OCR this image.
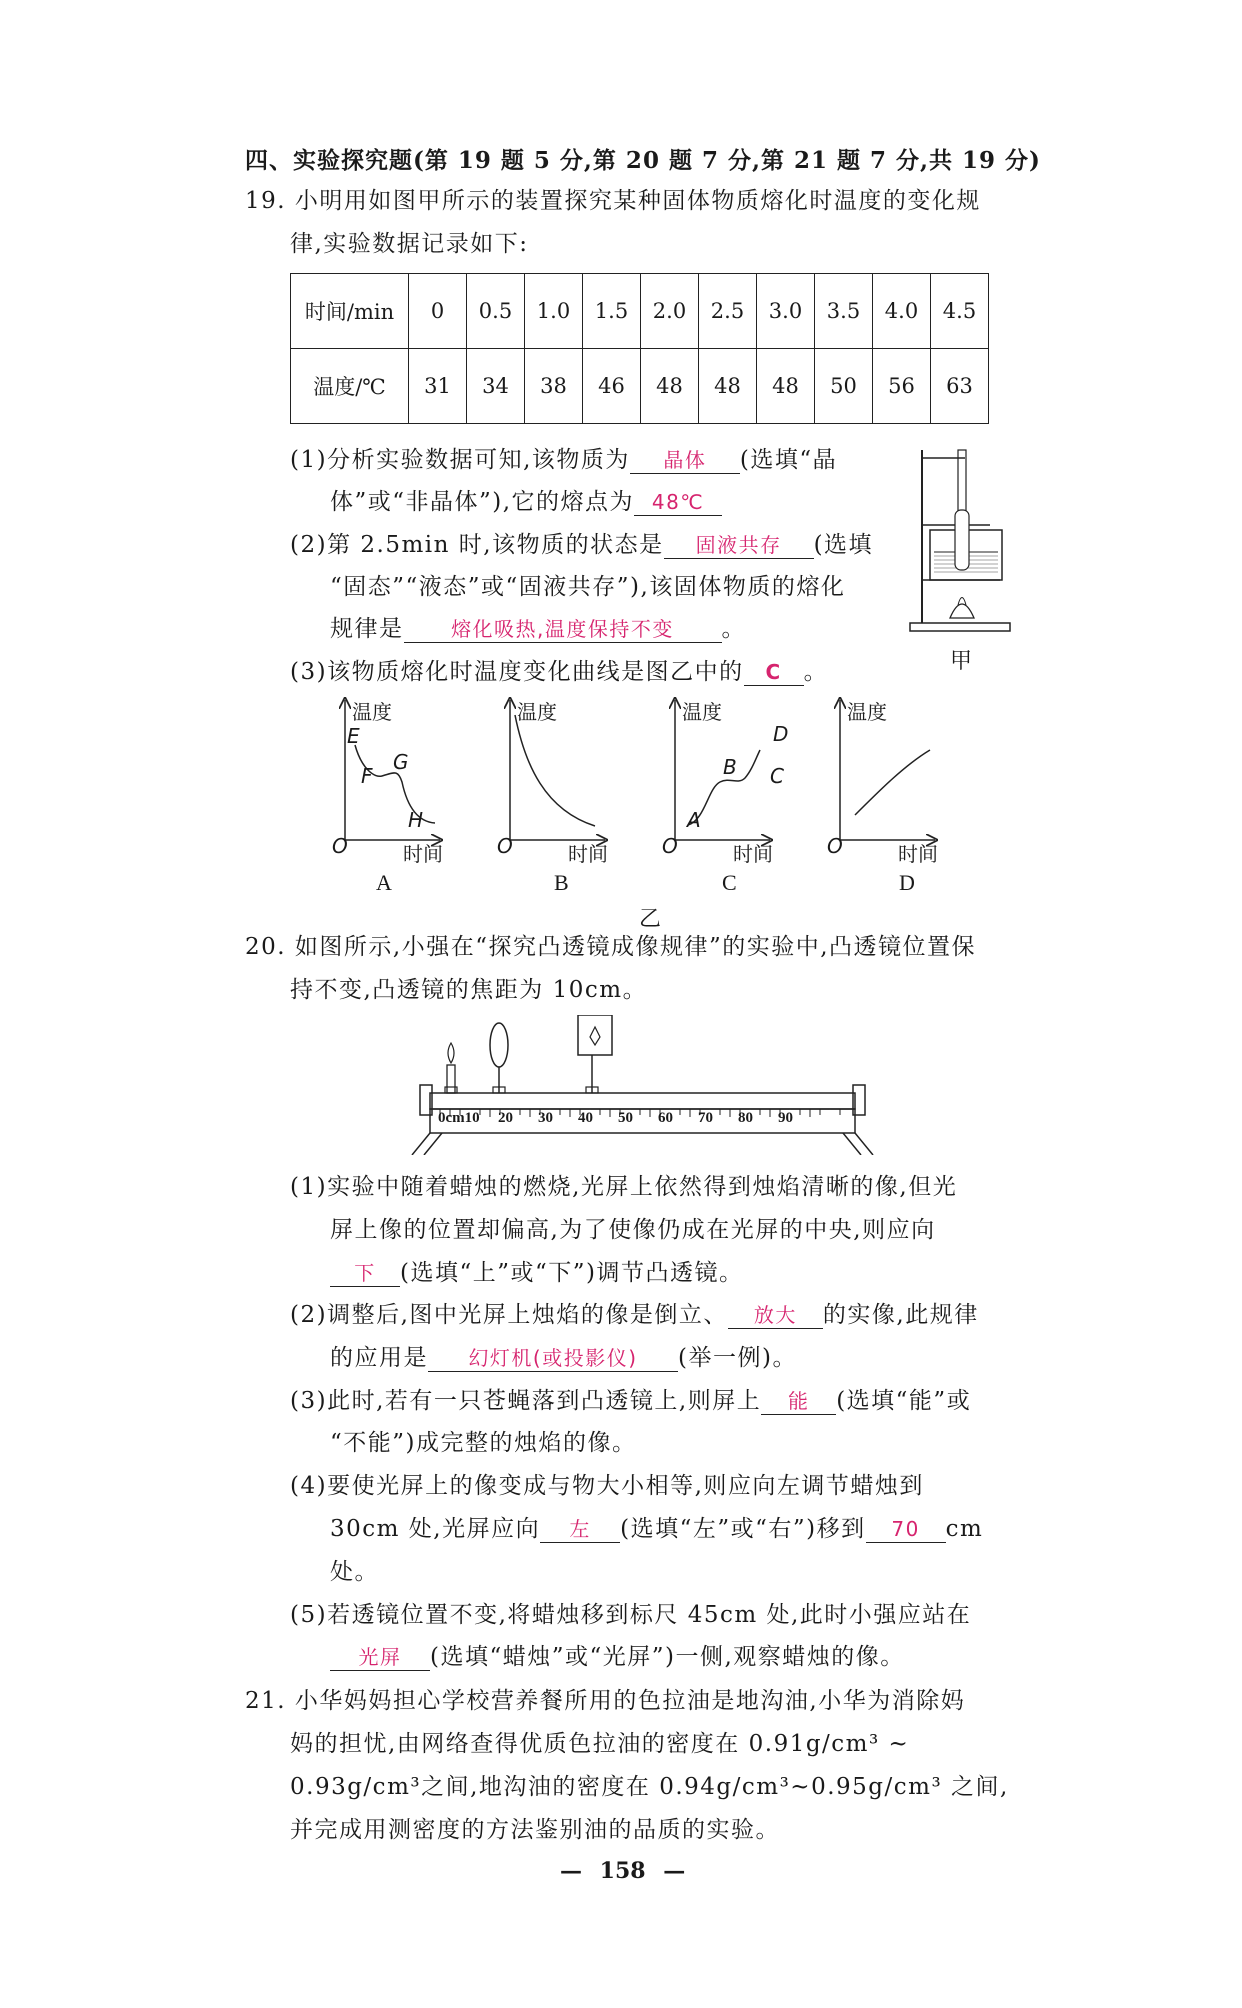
四、实验探究题(第 19 题 5 分,第 20 题 7 分,第 21 题 7 分,共 19 分)
19. 小明用如图甲所示的装置探究某种固体物质熔化时温度的变化规
律,实验数据记录如下:
时间/min	0	0.5	1.0	1.5	2.0	2.5	3.0	3.5	4.0	4.5
温度/℃	31	34	38	46	48	48	48	50	56	63
(1)分析实验数据可知,该物质为 晶体 (选填“晶
体”或“非晶体”),它的熔点为 48℃
(2)第 2.5min 时,该物质的状态是 固液共存 (选填
“固态”“液态”或“固液共存”),该固体物质的熔化
规律是 熔化吸热,温度保持不变 。
(3)该物质熔化时温度变化曲线是图乙中的 C 。	甲
温度	温度	温度	温度
时间	时间	时间	时间
O	O	O	O
E
F
G
H	A
B C
D
A	B	C	D
乙
20. 如图所示,小强在“探究凸透镜成像规律”的实验中,凸透镜位置保
持不变,凸透镜的焦距为 10cm。
0cm10 20 30 40 50 60 70 80 90
(1)实验中随着蜡烛的燃烧,光屏上依然得到烛焰清晰的像,但光
屏上像的位置却偏高,为了使像仍成在光屏的中央,则应向
下 (选填“上”或“下”)调节凸透镜。
(2)调整后,图中光屏上烛焰的像是倒立、 放大 的实像,此规律
的应用是 幻灯机(或投影仪) (举一例)。
(3)此时,若有一只苍蝇落到凸透镜上,则屏上 能 (选填“能”或
“不能”)成完整的烛焰的像。
(4)要使光屏上的像变成与物大小相等,则应向左调节蜡烛到
30cm 处,光屏应向 左 (选填“左”或“右”)移到 70 cm
处。
(5)若透镜位置不变,将蜡烛移到标尺 45cm 处,此时小强应站在
光屏 (选填“蜡烛”或“光屏”)一侧,观察蜡烛的像。
21. 小华妈妈担心学校营养餐所用的色拉油是地沟油,小华为消除妈
妈的担忧,由网络查得优质色拉油的密度在 0.91g/cm³ ~
0.93g/cm³之间,地沟油的密度在 0.94g/cm³~0.95g/cm³ 之间,
并完成用测密度的方法鉴别油的品质的实验。
— 158 —
